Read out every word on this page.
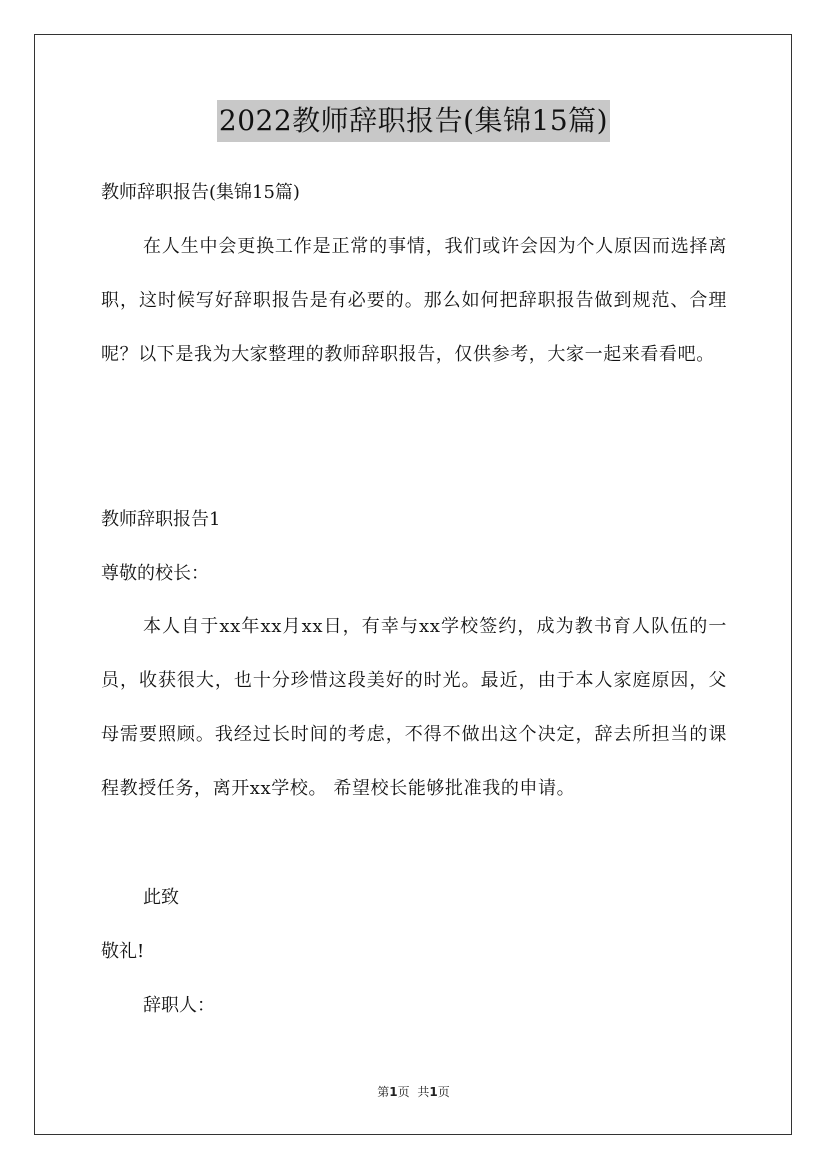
2022教师辞职报告(集锦15篇)
教师辞职报告(集锦15篇)
在人生中会更换工作是正常的事情，我们或许会因为个人原因而选择离职，这时候写好辞职报告是有必要的。那么如何把辞职报告做到规范、合理呢？以下是我为大家整理的教师辞职报告，仅供参考，大家一起来看看吧。
教师辞职报告1
尊敬的校长：
本人自于xx年xx月xx日，有幸与xx学校签约，成为教书育人队伍的一员，收获很大，也十分珍惜这段美好的时光。最近，由于本人家庭原因，父母需要照顾。我经过长时间的考虑，不得不做出这个决定，辞去所担当的课程教授任务，离开xx学校。 希望校长能够批准我的申请。
此致
敬礼!
辞职人：
第1页 共1页
